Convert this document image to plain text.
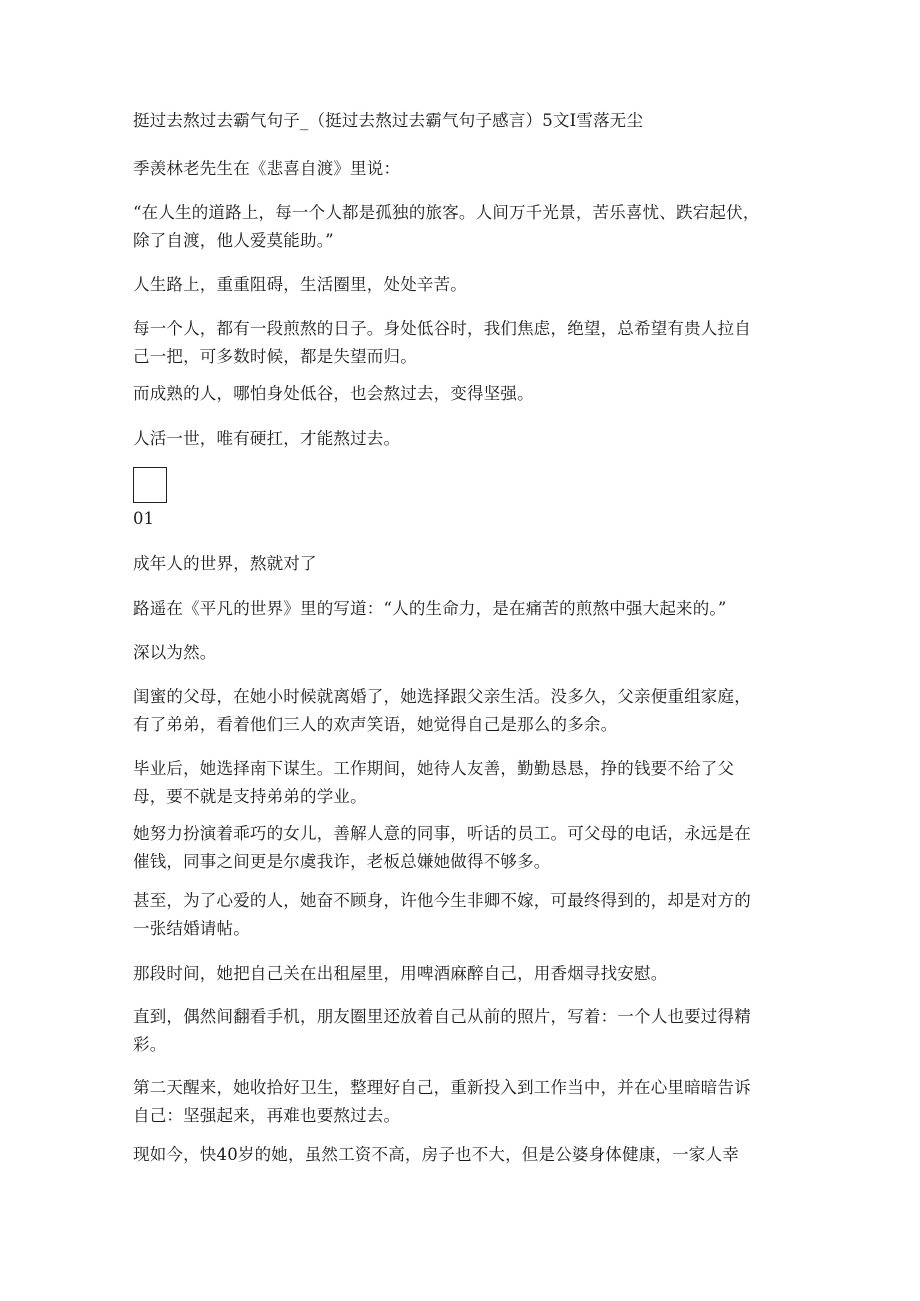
挺过去熬过去霸气句子_（挺过去熬过去霸气句子感言）5文I雪落无尘
季羡林老先生在《悲喜自渡》里说：
“在人生的道路上，每一个人都是孤独的旅客。人间万千光景，苦乐喜忧、跌宕起伏，
除了自渡，他人爱莫能助。”
人生路上，重重阻碍，生活圈里，处处辛苦。
每一个人，都有一段煎熬的日子。身处低谷时，我们焦虑，绝望，总希望有贵人拉自
己一把，可多数时候，都是失望而归。
而成熟的人，哪怕身处低谷，也会熬过去，变得坚强。
人活一世，唯有硬扛，才能熬过去。
01
成年人的世界，熬就对了
路遥在《平凡的世界》里的写道：“人的生命力，是在痛苦的煎熬中强大起来的。”
深以为然。
闺蜜的父母，在她小时候就离婚了，她选择跟父亲生活。没多久，父亲便重组家庭，
有了弟弟，看着他们三人的欢声笑语，她觉得自己是那么的多余。
毕业后，她选择南下谋生。工作期间，她待人友善，勤勤恳恳，挣的钱要不给了父
母，要不就是支持弟弟的学业。
她努力扮演着乖巧的女儿，善解人意的同事，听话的员工。可父母的电话，永远是在
催钱，同事之间更是尔虞我诈，老板总嫌她做得不够多。
甚至，为了心爱的人，她奋不顾身，许他今生非卿不嫁，可最终得到的，却是对方的
一张结婚请帖。
那段时间，她把自己关在出租屋里，用啤酒麻醉自己，用香烟寻找安慰。
直到，偶然间翻看手机，朋友圈里还放着自己从前的照片，写着：一个人也要过得精
彩。
第二天醒来，她收拾好卫生，整理好自己，重新投入到工作当中，并在心里暗暗告诉
自己：坚强起来，再难也要熬过去。
现如今，快40岁的她，虽然工资不高，房子也不大，但是公婆身体健康，一家人幸
